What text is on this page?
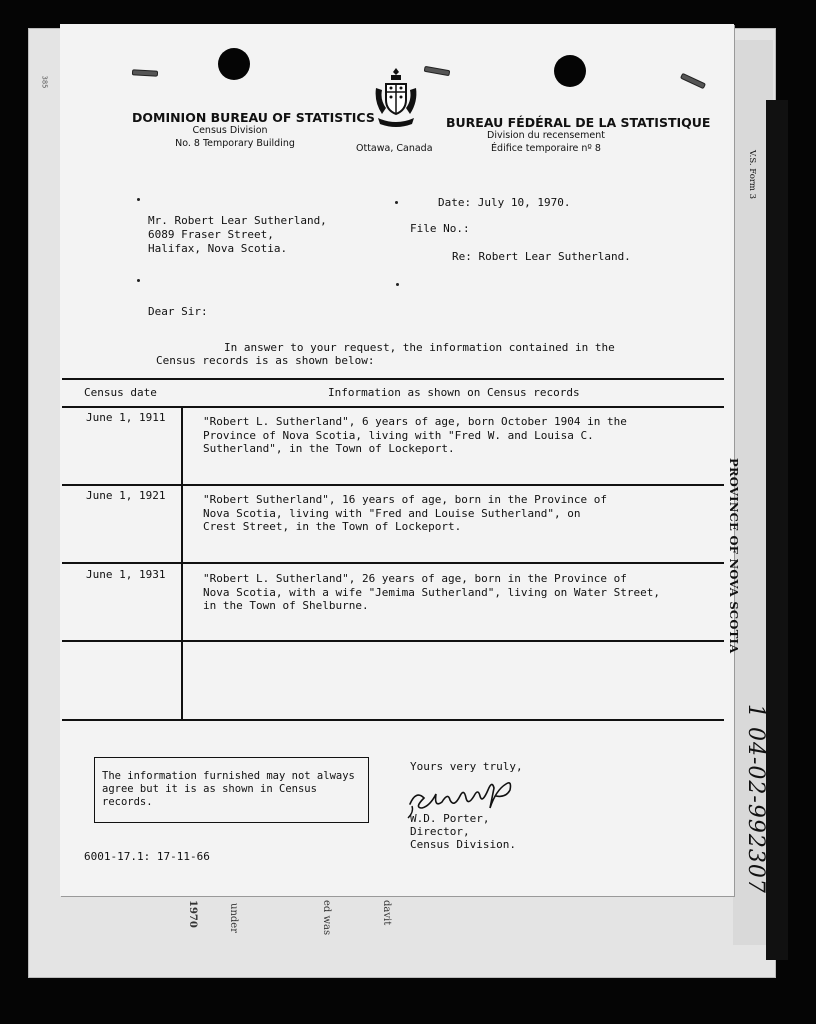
385
1970	under	ed was	davit
DOMINION BUREAU OF STATISTICS
Census Division
No. 8 Temporary Building	Ottawa, Canada
BUREAU FÉDÉRAL DE LA STATISTIQUE
Division du recensement
Édifice temporaire nº 8
V.S. Form 3
Date: July 10, 1970.
File No.:
Re: Robert Lear Sutherland.
Mr. Robert Lear Sutherland,
6089 Fraser Street,
Halifax, Nova Scotia.
Dear Sir:
In answer to your request, the information contained in the
Census records is as shown below:
Census date	Information as shown on Census records
June 1, 1911	"Robert L. Sutherland", 6 years of age, born October 1904 in the
Province of Nova Scotia, living with "Fred W. and Louisa C.
Sutherland", in the Town of Lockeport.
June 1, 1921	"Robert Sutherland", 16 years of age, born in the Province of
Nova Scotia, living with "Fred and Louise Sutherland", on
Crest Street, in the Town of Lockeport.
June 1, 1931	"Robert L. Sutherland", 26 years of age, born in the Province of
Nova Scotia, with a wife "Jemima Sutherland", living on Water Street,
in the Town of Shelburne.
The information furnished may not always
agree but it is as shown in Census
records.
Yours very truly,
W.D. Porter,
Director,
Census Division.
6001-17.1: 17-11-66
PROVINCE OF NOVA SCOTIA
1 04-02-992307
